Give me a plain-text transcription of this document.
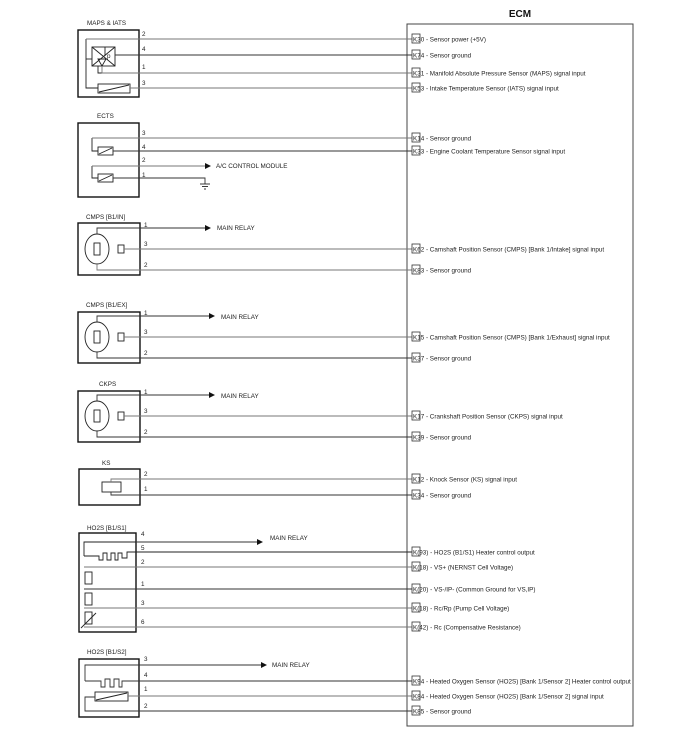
ECM
MAPS & IATS
p
2
4
1
3
ECTS
A/C CONTROL MODULE
3
4
2
1
CMPS [B1/IN]
MAIN RELAY
1
3
2
CMPS [B1/EX]
MAIN RELAY
1
3
2
CKPS
MAIN RELAY
1
3
2
KS
2
1
HO2S [B1/S1]
MAIN RELAY
4
5
2
1
3
6
HO2S [B1/S2]
MAIN RELAY
3
4
1
2
K30 - Sensor power (+5V)
K74 - Sensor ground
K31 - Manifold Absolute Pressure Sensor (MAPS) signal input
K53 - Intake Temperature Sensor (IATS) signal input
K14 - Sensor ground
K33 - Engine Coolant Temperature Sensor signal input
K62 - Camshaft Position Sensor (CMPS) [Bank 1/Intake] signal input
K83 - Sensor ground
K15 - Camshaft Position Sensor (CMPS) [Bank 1/Exhaust] signal input
K37 - Sensor ground
K17 - Crankshaft Position Sensor (CKPS) signal input
K39 - Sensor ground
K12 - Knock Sensor (KS) signal input
K34 - Sensor ground
K(93) - HO2S (B1/S1) Heater control output
K(18) - VS+ (NERNST Cell Voltage)
K(20) - VS-/IP- (Common Ground for VS,IP)
K(18) - Rc/Rp (Pump Cell Voltage)
K(42) - Rc (Compensative Resistance)
K94 - Heated Oxygen Sensor (HO2S) [Bank 1/Sensor 2] Heater control output
K84 - Heated Oxygen Sensor (HO2S) [Bank 1/Sensor 2] signal input
K85 - Sensor ground
